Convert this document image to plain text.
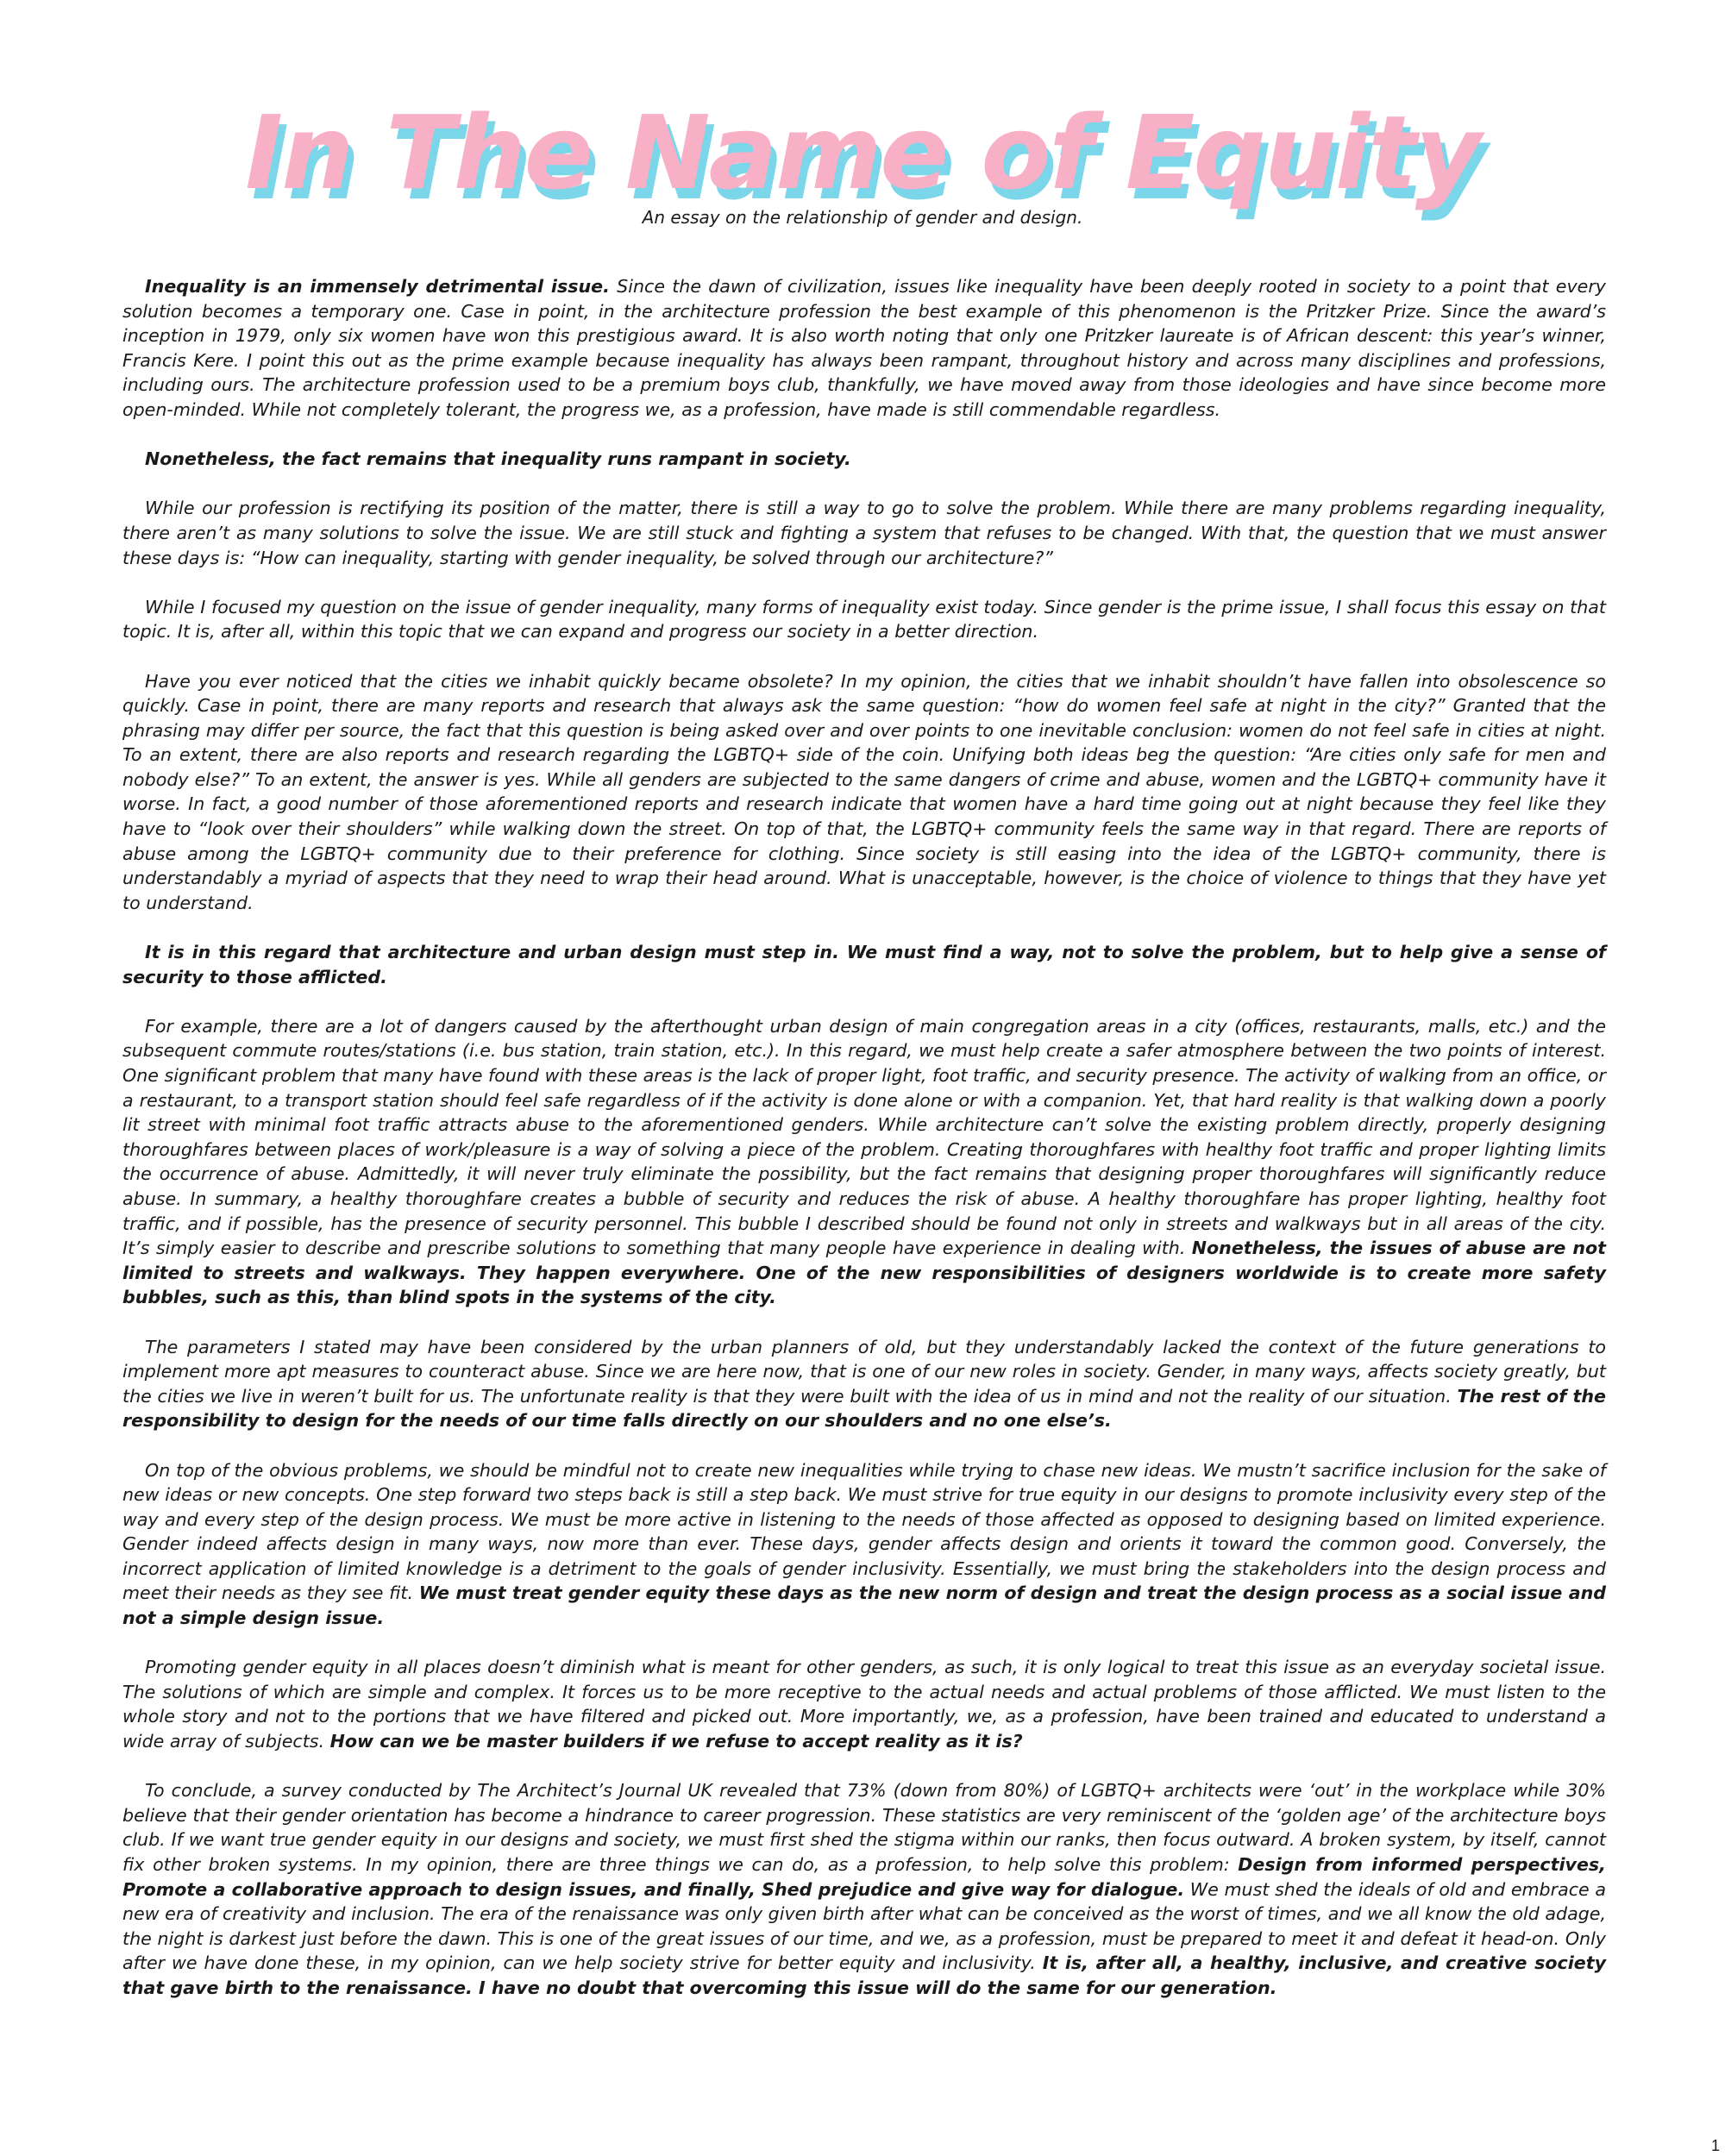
In The Name of Equity
An essay on the relationship of gender and design.

Inequality is an immensely detrimental issue. Since the dawn of civilization, issues like inequality have been deeply rooted in society to a point that every solution becomes a temporary one. Case in point, in the architecture profession the best example of this phenomenon is the Pritzker Prize. Since the award’s inception in 1979, only six women have won this prestigious award. It is also worth noting that only one Pritzker laureate is of African descent: this year’s winner, Francis Kere. I point this out as the prime example because inequality has always been rampant, throughout history and across many disciplines and professions, including ours. The architecture profession used to be a premium boys club, thankfully, we have moved away from those ideologies and have since become more open-minded. While not completely tolerant, the progress we, as a profession, have made is still commendable regardless.

Nonetheless, the fact remains that inequality runs rampant in society.

While our profession is rectifying its position of the matter, there is still a way to go to solve the problem. While there are many problems regarding inequality, there aren’t as many solutions to solve the issue. We are still stuck and fighting a system that refuses to be changed. With that, the question that we must answer these days is: “How can inequality, starting with gender inequality, be solved through our architecture?”

While I focused my question on the issue of gender inequality, many forms of inequality exist today. Since gender is the prime issue, I shall focus this essay on that topic. It is, after all, within this topic that we can expand and progress our society in a better direction.

Have you ever noticed that the cities we inhabit quickly became obsolete? In my opinion, the cities that we inhabit shouldn’t have fallen into obsolescence so quickly. Case in point, there are many reports and research that always ask the same question: “how do women feel safe at night in the city?” Granted that the phrasing may differ per source, the fact that this question is being asked over and over points to one inevitable conclusion: women do not feel safe in cities at night. To an extent, there are also reports and research regarding the LGBTQ+ side of the coin. Unifying both ideas beg the question: “Are cities only safe for men and nobody else?” To an extent, the answer is yes. While all genders are subjected to the same dangers of crime and abuse, women and the LGBTQ+ community have it worse. In fact, a good number of those aforementioned reports and research indicate that women have a hard time going out at night because they feel like they have to “look over their shoulders” while walking down the street. On top of that, the LGBTQ+ community feels the same way in that regard. There are reports of abuse among the LGBTQ+ community due to their preference for clothing. Since society is still easing into the idea of the LGBTQ+ community, there is understandably a myriad of aspects that they need to wrap their head around. What is unacceptable, however, is the choice of violence to things that they have yet to understand.

It is in this regard that architecture and urban design must step in. We must find a way, not to solve the problem, but to help give a sense of security to those afflicted.

For example, there are a lot of dangers caused by the afterthought urban design of main congregation areas in a city (offices, restaurants, malls, etc.) and the subsequent commute routes/stations (i.e. bus station, train station, etc.). In this regard, we must help create a safer atmosphere between the two points of interest. One significant problem that many have found with these areas is the lack of proper light, foot traffic, and security presence. The activity of walking from an office, or a restaurant, to a transport station should feel safe regardless of if the activity is done alone or with a companion. Yet, that hard reality is that walking down a poorly lit street with minimal foot traffic attracts abuse to the aforementioned genders. While architecture can’t solve the existing problem directly, properly designing thoroughfares between places of work/pleasure is a way of solving a piece of the problem. Creating thoroughfares with healthy foot traffic and proper lighting limits the occurrence of abuse. Admittedly, it will never truly eliminate the possibility, but the fact remains that designing proper thoroughfares will significantly reduce abuse. In summary, a healthy thoroughfare creates a bubble of security and reduces the risk of abuse. A healthy thoroughfare has proper lighting, healthy foot traffic, and if possible, has the presence of security personnel. This bubble I described should be found not only in streets and walkways but in all areas of the city. It’s simply easier to describe and prescribe solutions to something that many people have experience in dealing with. Nonetheless, the issues of abuse are not limited to streets and walkways. They happen everywhere. One of the new responsibilities of designers worldwide is to create more safety bubbles, such as this, than blind spots in the systems of the city.

The parameters I stated may have been considered by the urban planners of old, but they understandably lacked the context of the future generations to implement more apt measures to counteract abuse. Since we are here now, that is one of our new roles in society. Gender, in many ways, affects society greatly, but the cities we live in weren’t built for us. The unfortunate reality is that they were built with the idea of us in mind and not the reality of our situation. The rest of the responsibility to design for the needs of our time falls directly on our shoulders and no one else’s.

On top of the obvious problems, we should be mindful not to create new inequalities while trying to chase new ideas. We mustn’t sacrifice inclusion for the sake of new ideas or new concepts. One step forward two steps back is still a step back. We must strive for true equity in our designs to promote inclusivity every step of the way and every step of the design process. We must be more active in listening to the needs of those affected as opposed to designing based on limited experience. Gender indeed affects design in many ways, now more than ever. These days, gender affects design and orients it toward the common good. Conversely, the incorrect application of limited knowledge is a detriment to the goals of gender inclusivity. Essentially, we must bring the stakeholders into the design process and meet their needs as they see fit. We must treat gender equity these days as the new norm of design and treat the design process as a social issue and not a simple design issue.

Promoting gender equity in all places doesn’t diminish what is meant for other genders, as such, it is only logical to treat this issue as an everyday societal issue. The solutions of which are simple and complex. It forces us to be more receptive to the actual needs and actual problems of those afflicted. We must listen to the whole story and not to the portions that we have filtered and picked out. More importantly, we, as a profession, have been trained and educated to understand a wide array of subjects. How can we be master builders if we refuse to accept reality as it is?

To conclude, a survey conducted by The Architect’s Journal UK revealed that 73% (down from 80%) of LGBTQ+ architects were ‘out’ in the workplace while 30% believe that their gender orientation has become a hindrance to career progression. These statistics are very reminiscent of the ‘golden age’ of the architecture boys club. If we want true gender equity in our designs and society, we must first shed the stigma within our ranks, then focus outward. A broken system, by itself, cannot fix other broken systems. In my opinion, there are three things we can do, as a profession, to help solve this problem: Design from informed perspectives, Promote a collaborative approach to design issues, and finally, Shed prejudice and give way for dialogue. We must shed the ideals of old and embrace a new era of creativity and inclusion. The era of the renaissance was only given birth after what can be conceived as the worst of times, and we all know the old adage, the night is darkest just before the dawn. This is one of the great issues of our time, and we, as a profession, must be prepared to meet it and defeat it head-on. Only after we have done these, in my opinion, can we help society strive for better equity and inclusivity. It is, after all, a healthy, inclusive, and creative society that gave birth to the renaissance. I have no doubt that overcoming this issue will do the same for our generation.

1
